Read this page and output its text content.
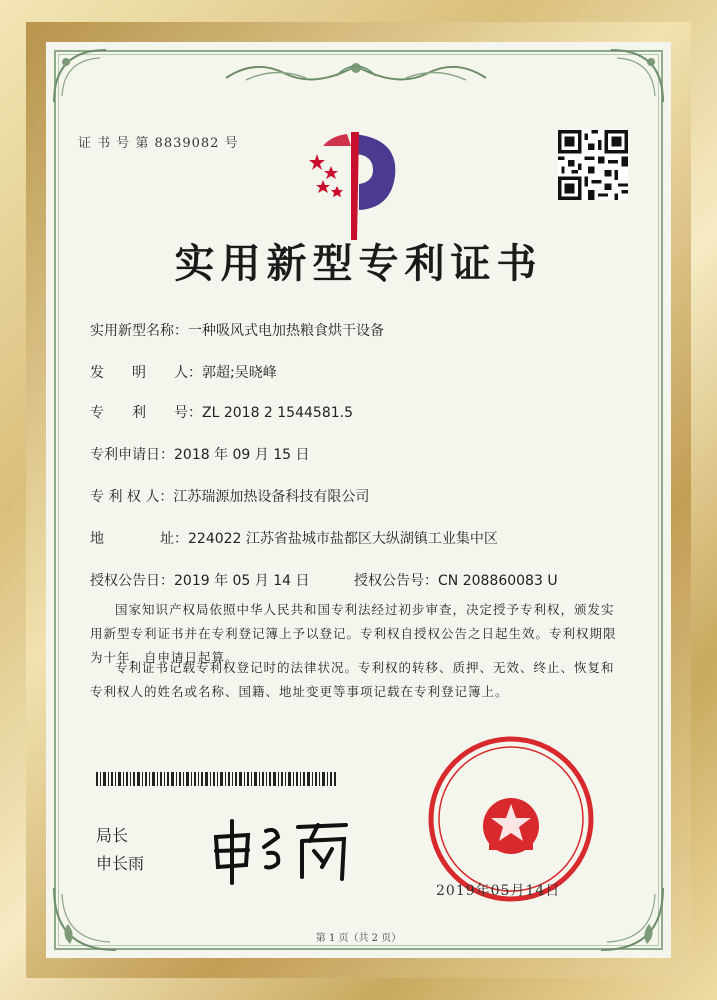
证 书 号 第 8839082 号
实用新型专利证书
实用新型名称：一种吸风式电加热粮食烘干设备
发　　明　　人：郭超;吴晓峰
专　　利　　号：ZL 2018 2 1544581.5
专利申请日：2018 年 09 月 15 日
专 利 权 人：江苏瑞源加热设备科技有限公司
地　　　　址：224022 江苏省盐城市盐都区大纵湖镇工业集中区
授权公告日：2019 年 05 月 14 日	授权公告号：CN 208860083 U
国家知识产权局依照中华人民共和国专利法经过初步审查，决定授予专利权，颁发实用新型专利证书并在专利登记簿上予以登记。专利权自授权公告之日起生效。专利权期限为十年，自申请日起算。
专利证书记载专利权登记时的法律状况。专利权的转移、质押、无效、终止、恢复和专利权人的姓名或名称、国籍、地址变更等事项记载在专利登记簿上。
局长
申长雨
2019年05月14日
第 1 页（共 2 页）
